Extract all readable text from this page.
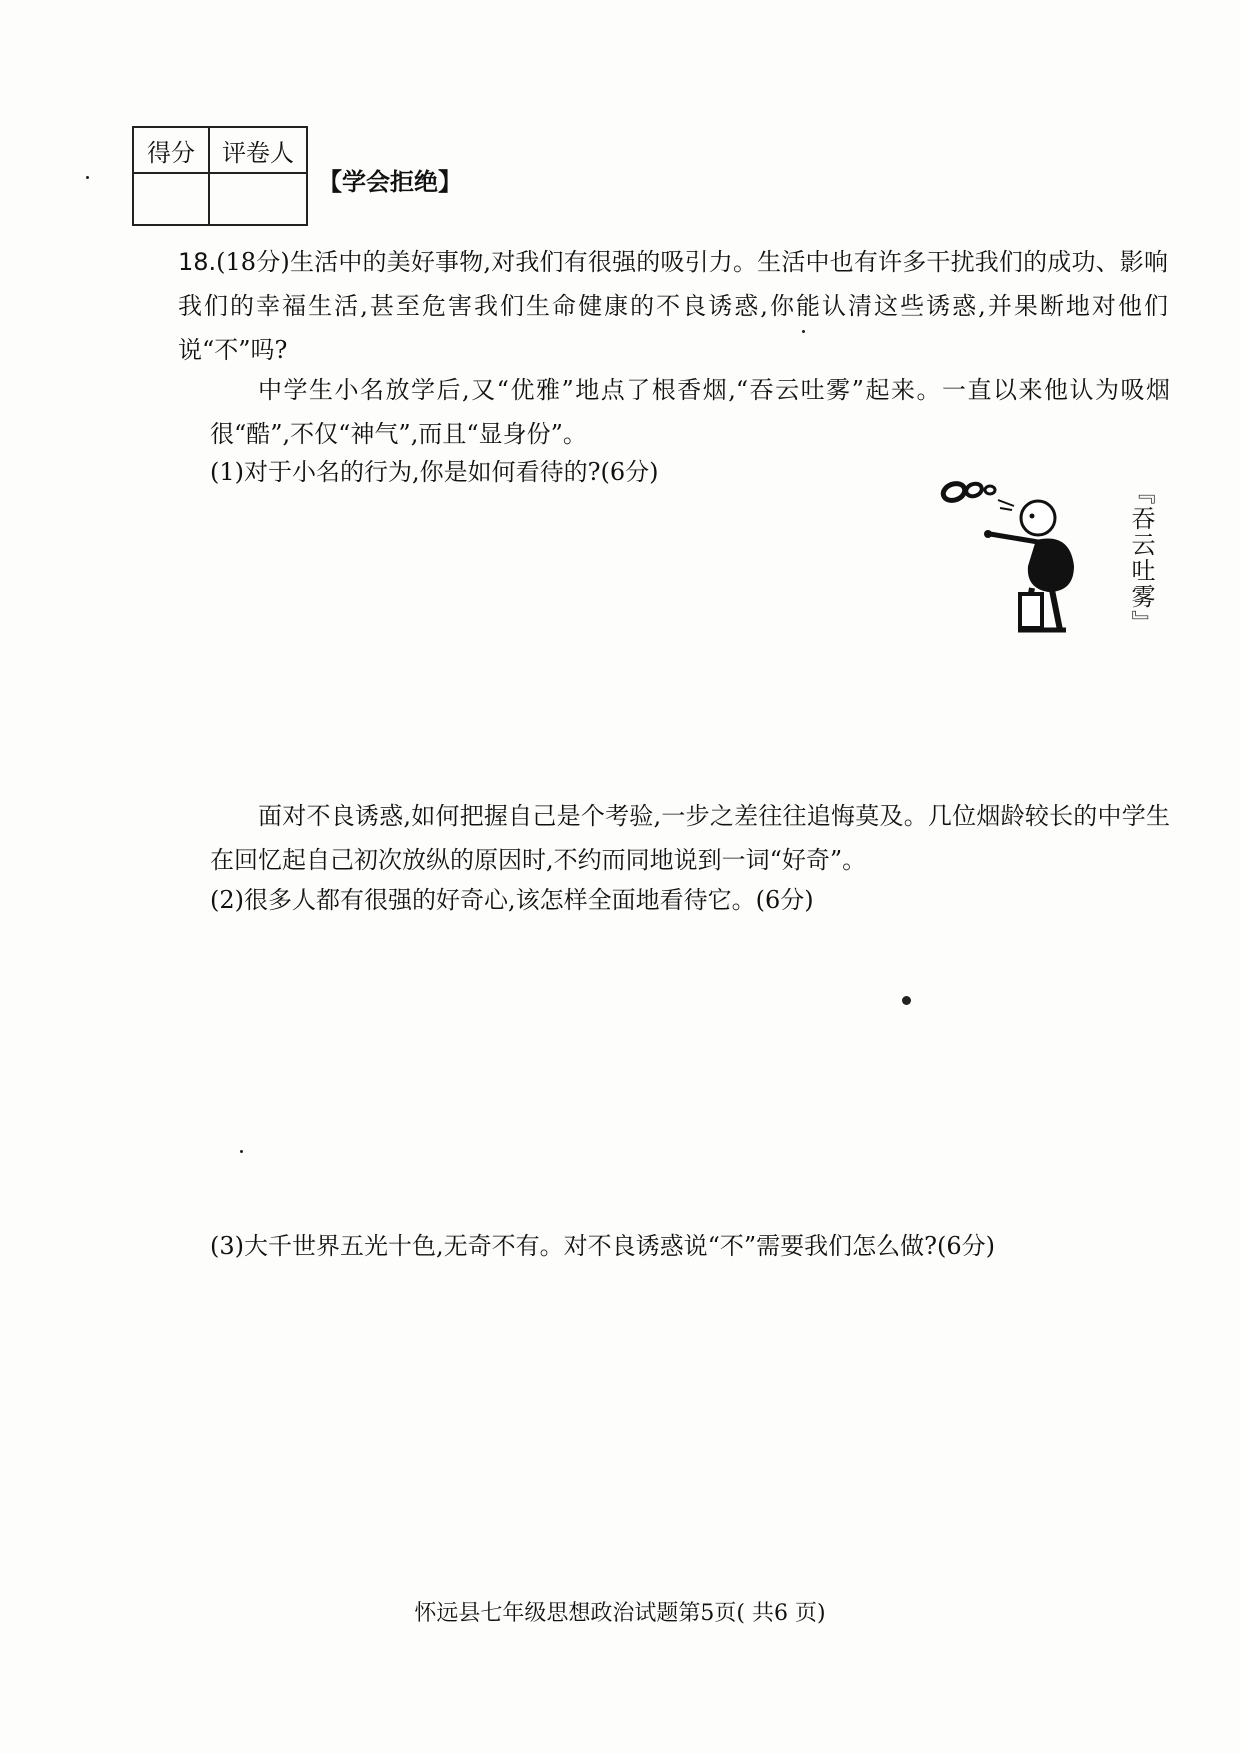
得分	评卷人

【学会拒绝】
18.(18分)生活中的美好事物,对我们有很强的吸引力。生活中也有许多干扰我们的成功、影响我们的幸福生活,甚至危害我们生命健康的不良诱惑,你能认清这些诱惑,并果断地对他们说“不”吗?
中学生小名放学后,又“优雅”地点了根香烟,“吞云吐雾”起来。一直以来他认为吸烟很“酷”,不仅“神气”,而且“显身份”。
(1)对于小名的行为,你是如何看待的?(6分)
『吞云吐雾』
面对不良诱惑,如何把握自己是个考验,一步之差往往追悔莫及。几位烟龄较长的中学生在回忆起自己初次放纵的原因时,不约而同地说到一词“好奇”。
(2)很多人都有很强的好奇心,该怎样全面地看待它。(6分)
(3)大千世界五光十色,无奇不有。对不良诱惑说“不”需要我们怎么做?(6分)
怀远县七年级思想政治试题第5页( 共6 页)
